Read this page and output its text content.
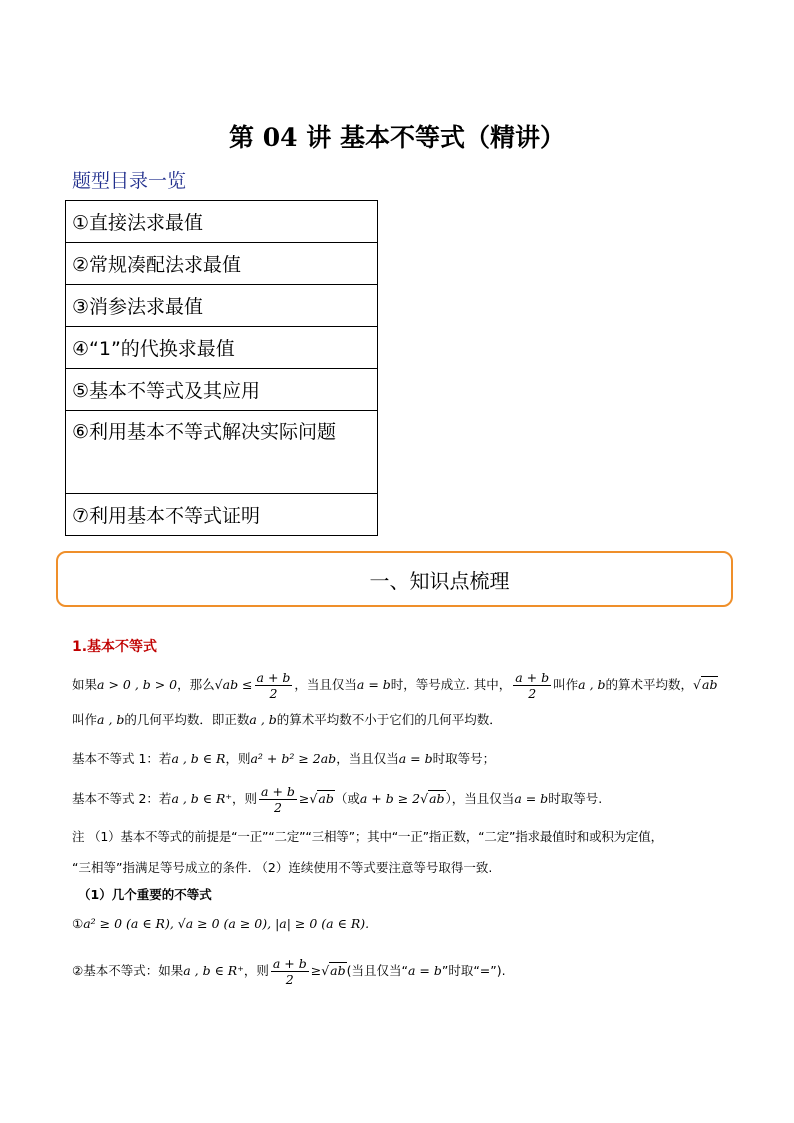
第 04 讲 基本不等式（精讲）
题型目录一览
①直接法求最值
②常规凑配法求最值
③消参法求最值
④“1”的代换求最值
⑤基本不等式及其应用
⑥利用基本不等式解决实际问题
⑦利用基本不等式证明
一、知识点梳理
1.基本不等式
如果a > 0 , b > 0，那么$√ab \le \frac{a + b}{2}$ ，当且仅当a = b时，等号成立. 其中， $\frac{a + b}{2}$ 叫作a , b的算术平均数，√ab
叫作a , b的几何平均数．即正数a , b的算术平均数不小于它们的几何平均数．
基本不等式 1：若a , b ∈ R，则a² + b² ≥ 2ab，当且仅当a = b时取等号；
基本不等式 2：若a , b ∈ R⁺，则 $\frac{a + b}{2} \ge√ab$（或a + b ≥ 2√ab），当且仅当a = b时取等号.
注 （1）基本不等式的前提是“一正”“二定”“三相等”；其中“一正”指正数，“二定”指求最值时和或积为定值，
“三相等”指满足等号成立的条件. （2）连续使用不等式要注意等号取得一致.
（1）几个重要的不等式
①a² ≥ 0 (a ∈ R), √a ≥ 0 (a ≥ 0), |a| ≥ 0 (a ∈ R).
②基本不等式：如果a , b ∈ R⁺，则 $\frac{a + b}{2} \ge√ab$(当且仅当“a = b”时取“=”).
